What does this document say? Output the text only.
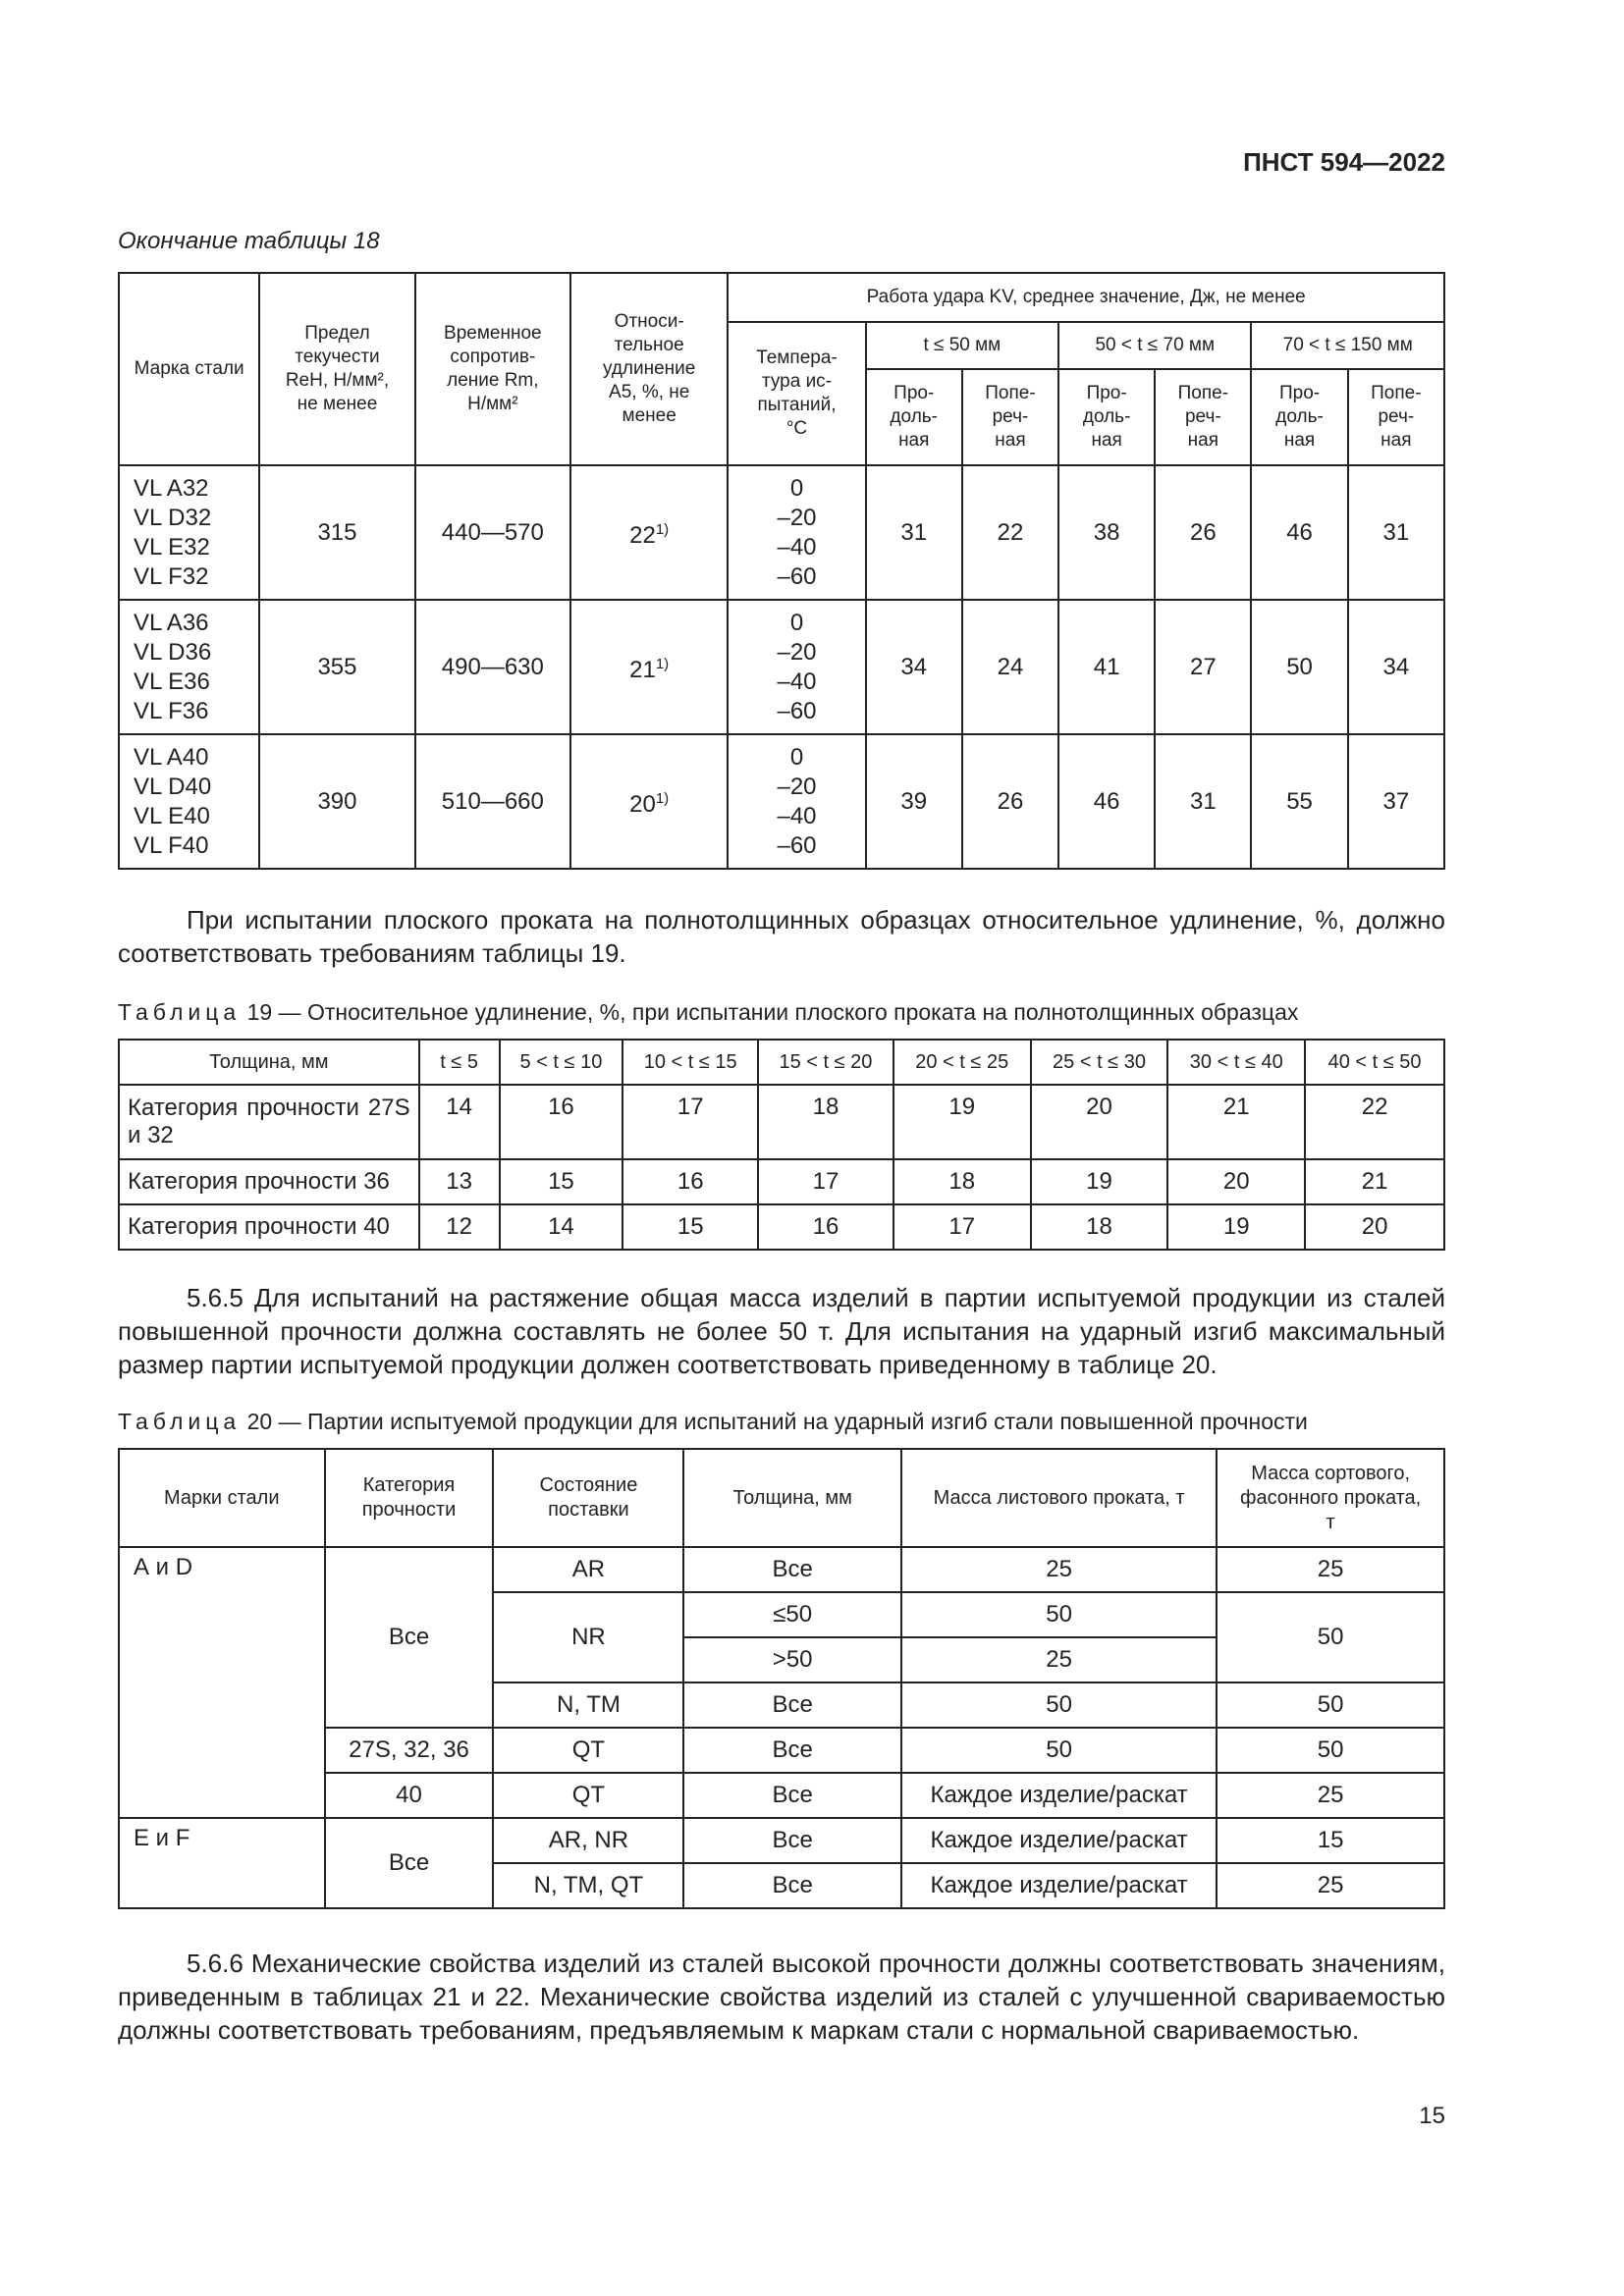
ПНСТ 594—2022
Окончание таблицы 18
Марка стали	Предел
текучести
ReH, Н/мм²,
не менее	Временное
сопротив-
ление Rm,
Н/мм²	Относи-
тельное
удлинение
А5, %, не
менее	Работа удара KV, среднее значение, Дж, не менее						
				Темпера-
тура ис-
пытаний,
°C	t ≤ 50 мм		50 < t ≤ 70 мм		70 < t ≤ 150 мм	
					Про-
доль-
ная	Попе-
реч-
ная	Про-
доль-
ная	Попе-
реч-
ная	Про-
доль-
ная	Попе-
реч-
ная
VL A32
VL D32
VL E32
VL F32	315	440—570	22$^{1)}$	0
–20
–40
–60	31	22	38	26	46	31
VL A36
VL D36
VL E36
VL F36	355	490—630	21$^{1)}$	0
–20
–40
–60	34	24	41	27	50	34
VL A40
VL D40
VL E40
VL F40	390	510—660	20$^{1)}$	0
–20
–40
–60	39	26	46	31	55	37
При испытании плоского проката на полнотолщинных образцах относительное удлинение, %, должно соответствовать требованиям таблицы 19.
Таблица 19 — Относительное удлинение, %, при испытании плоского проката на полнотолщинных образцах
Толщина, мм	t ≤ 5	5 < t ≤ 10	10 < t ≤ 15	15 < t ≤ 20	20 < t ≤ 25	25 < t ≤ 30	30 < t ≤ 40	40 < t ≤ 50
Категория прочности 27S и 32	14	16	17	18	19	20	21	22
Категория прочности 36	13	15	16	17	18	19	20	21
Категория прочности 40	12	14	15	16	17	18	19	20
5.6.5 Для испытаний на растяжение общая масса изделий в партии испытуемой продукции из сталей повышенной прочности должна составлять не более 50 т. Для испытания на ударный изгиб максимальный размер партии испытуемой продукции должен соответствовать приведенному в таблице 20.
Таблица 20 — Партии испытуемой продукции для испытаний на ударный изгиб стали повышенной прочности
Марки стали	Категория прочности	Состояние поставки	Толщина, мм	Масса листового проката, т	Масса сортового, фасонного проката, т
А и D	Все	AR	Все	25	25
		NR	≤50	50	50
			>50	25	
		N, TM	Все	50	50
	27S, 32, 36	QT	Все	50	50
	40	QT	Все	Каждое изделие/раскат	25
Е и F	Все	AR, NR	Все	Каждое изделие/раскат	15
		N, TM, QT	Все	Каждое изделие/раскат	25
5.6.6 Механические свойства изделий из сталей высокой прочности должны соответствовать значениям, приведенным в таблицах 21 и 22. Механические свойства изделий из сталей с улучшенной свариваемостью должны соответствовать требованиям, предъявляемым к маркам стали с нормальной свариваемостью.
15
